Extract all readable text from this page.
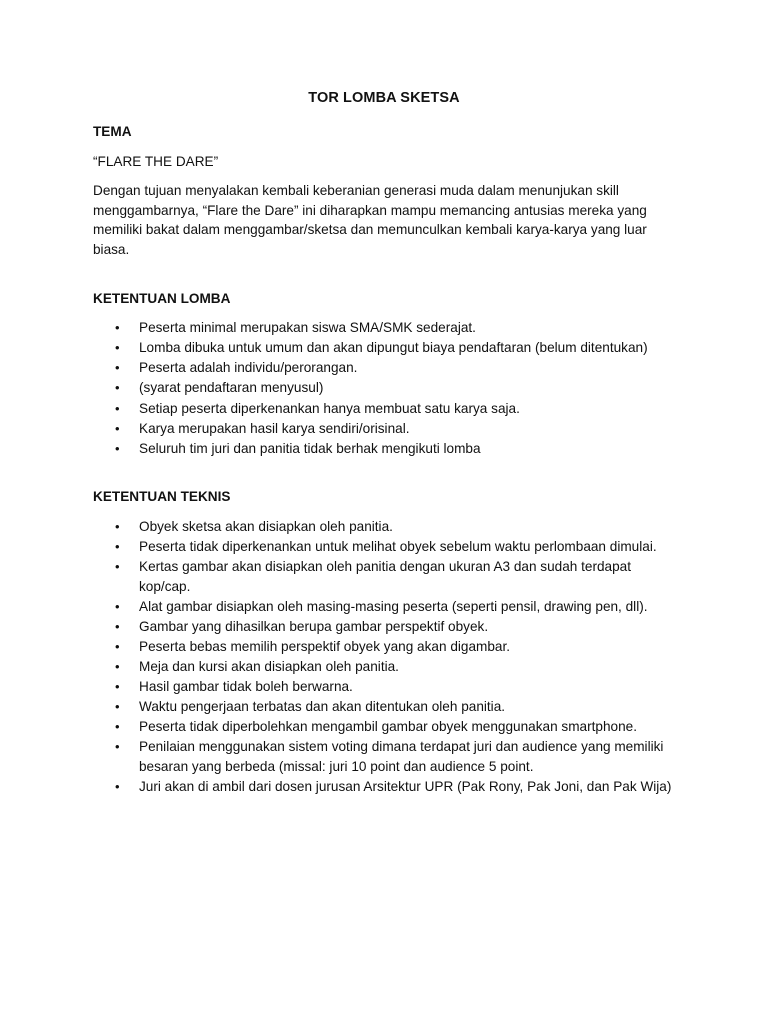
TOR LOMBA SKETSA
TEMA
“FLARE THE DARE”
Dengan tujuan menyalakan kembali keberanian generasi muda dalam menunjukan skill menggambarnya, “Flare the Dare” ini diharapkan mampu memancing antusias mereka yang memiliki bakat dalam menggambar/sketsa dan memunculkan kembali karya-karya yang luar biasa.
KETENTUAN LOMBA
• Peserta minimal merupakan siswa SMA/SMK sederajat.
• Lomba dibuka untuk umum dan akan dipungut biaya pendaftaran (belum ditentukan)
• Peserta adalah individu/perorangan.
• (syarat pendaftaran menyusul)
• Setiap peserta diperkenankan hanya membuat satu karya saja.
• Karya merupakan hasil karya sendiri/orisinal.
• Seluruh tim juri dan panitia tidak berhak mengikuti lomba
KETENTUAN TEKNIS
• Obyek sketsa akan disiapkan oleh panitia.
• Peserta tidak diperkenankan untuk melihat obyek sebelum waktu perlombaan dimulai.
• Kertas gambar akan disiapkan oleh panitia dengan ukuran A3 dan sudah terdapat kop/cap.
• Alat gambar disiapkan oleh masing-masing peserta (seperti pensil, drawing pen, dll).
• Gambar yang dihasilkan berupa gambar perspektif obyek.
• Peserta bebas memilih perspektif obyek yang akan digambar.
• Meja dan kursi akan disiapkan oleh panitia.
• Hasil gambar tidak boleh berwarna.
• Waktu pengerjaan terbatas dan akan ditentukan oleh panitia.
• Peserta tidak diperbolehkan mengambil gambar obyek menggunakan smartphone.
• Penilaian menggunakan sistem voting dimana terdapat juri dan audience yang memiliki besaran yang berbeda (missal: juri 10 point dan audience 5 point.
• Juri akan di ambil dari dosen jurusan Arsitektur UPR (Pak Rony, Pak Joni, dan Pak Wija)
